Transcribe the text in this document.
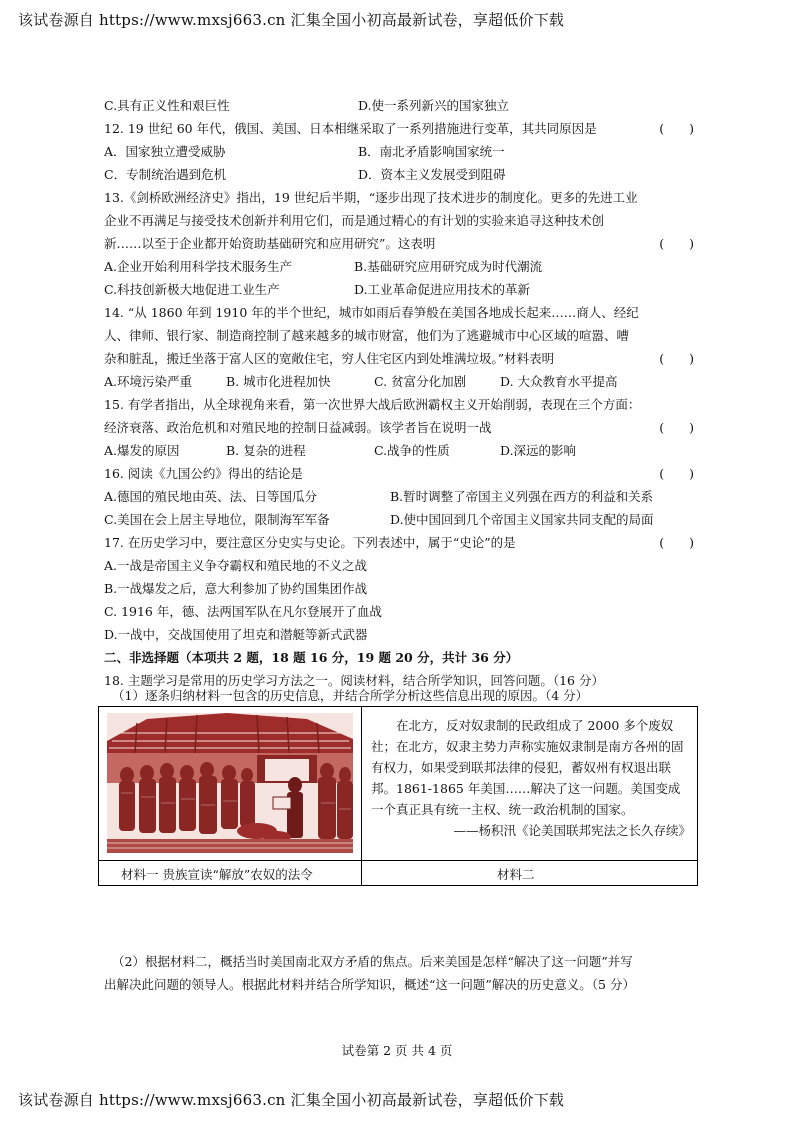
该试卷源自 https://www.mxsj663.cn 汇集全国小初高最新试卷，享超低价下载
C.具有正义性和艰巨性	D.使一系列新兴的国家独立
12. 19 世纪 60 年代，俄国、美国、日本相继采取了一系列措施进行变革，其共同原因是	(　　)
A．国家独立遭受威胁	B．南北矛盾影响国家统一
C．专制统治遇到危机	D．资本主义发展受到阻碍
13.《剑桥欧洲经济史》指出，19 世纪后半期，“逐步出现了技术进步的制度化。更多的先进工业
企业不再满足与接受技术创新并利用它们，而是通过精心的有计划的实验来追寻这种技术创
新……以至于企业都开始资助基础研究和应用研究”。这表明	(　　)
A.企业开始利用科学技术服务生产	B.基础研究应用研究成为时代潮流
C.科技创新极大地促进工业生产	D.工业革命促进应用技术的革新
14. “从 1860 年到 1910 年的半个世纪，城市如雨后春笋般在美国各地成长起来……商人、经纪
人、律师、银行家、制造商控制了越来越多的城市财富，他们为了逃避城市中心区域的喧嚣、嘈
杂和脏乱，搬迁坐落于富人区的宽敞住宅，穷人住宅区内到处堆满垃圾。”材料表明	(　　)
A.环境污染严重	B. 城市化进程加快	C. 贫富分化加剧	D. 大众教育水平提高
15. 有学者指出，从全球视角来看，第一次世界大战后欧洲霸权主义开始削弱，表现在三个方面：
经济衰落、政治危机和对殖民地的控制日益减弱。该学者旨在说明一战	(　　)
A.爆发的原因	B. 复杂的进程	C.战争的性质	D.深远的影响
16. 阅读《九国公约》得出的结论是	(　　)
A.德国的殖民地由英、法、日等国瓜分	B.暂时调整了帝国主义列强在西方的利益和关系
C.美国在会上居主导地位，限制海军军备	D.使中国回到几个帝国主义国家共同支配的局面
17. 在历史学习中，要注意区分史实与史论。下列表述中，属于“史论”的是	(　　)
A.一战是帝国主义争夺霸权和殖民地的不义之战
B.一战爆发之后，意大利参加了协约国集团作战
C. 1916 年，德、法两国军队在凡尔登展开了血战
D.一战中，交战国使用了坦克和潜艇等新式武器
二、非选择题（本项共 2 题，18 题 16 分，19 题 20 分，共计 36 分）
18. 主题学习是常用的历史学习方法之一。阅读材料，结合所学知识，回答问题。（16 分）
（1）逐条归纳材料一包含的历史信息，并结合所学分析这些信息出现的原因。（4 分）
在北方，反对奴隶制的民政组成了 2000 多个废奴社；在北方，奴隶主势力声称实施奴隶制是南方各州的固有权力，如果受到联邦法律的侵犯，蓄奴州有权退出联邦。1861-1865 年美国……解决了这一问题。美国变成一个真正具有统一主权、统一政治机制的国家。
——杨积汛《论美国联邦宪法之长久存续》
材料一 贵族宣读“解放”农奴的法令	材料二
（2）根据材料二，概括当时美国南北双方矛盾的焦点。后来美国是怎样“解决了这一问题”并写
出解决此问题的领导人。根据此材料并结合所学知识，概述“这一问题”解决的历史意义。（5 分）
试卷第 2 页 共 4 页
该试卷源自 https://www.mxsj663.cn 汇集全国小初高最新试卷，享超低价下载
